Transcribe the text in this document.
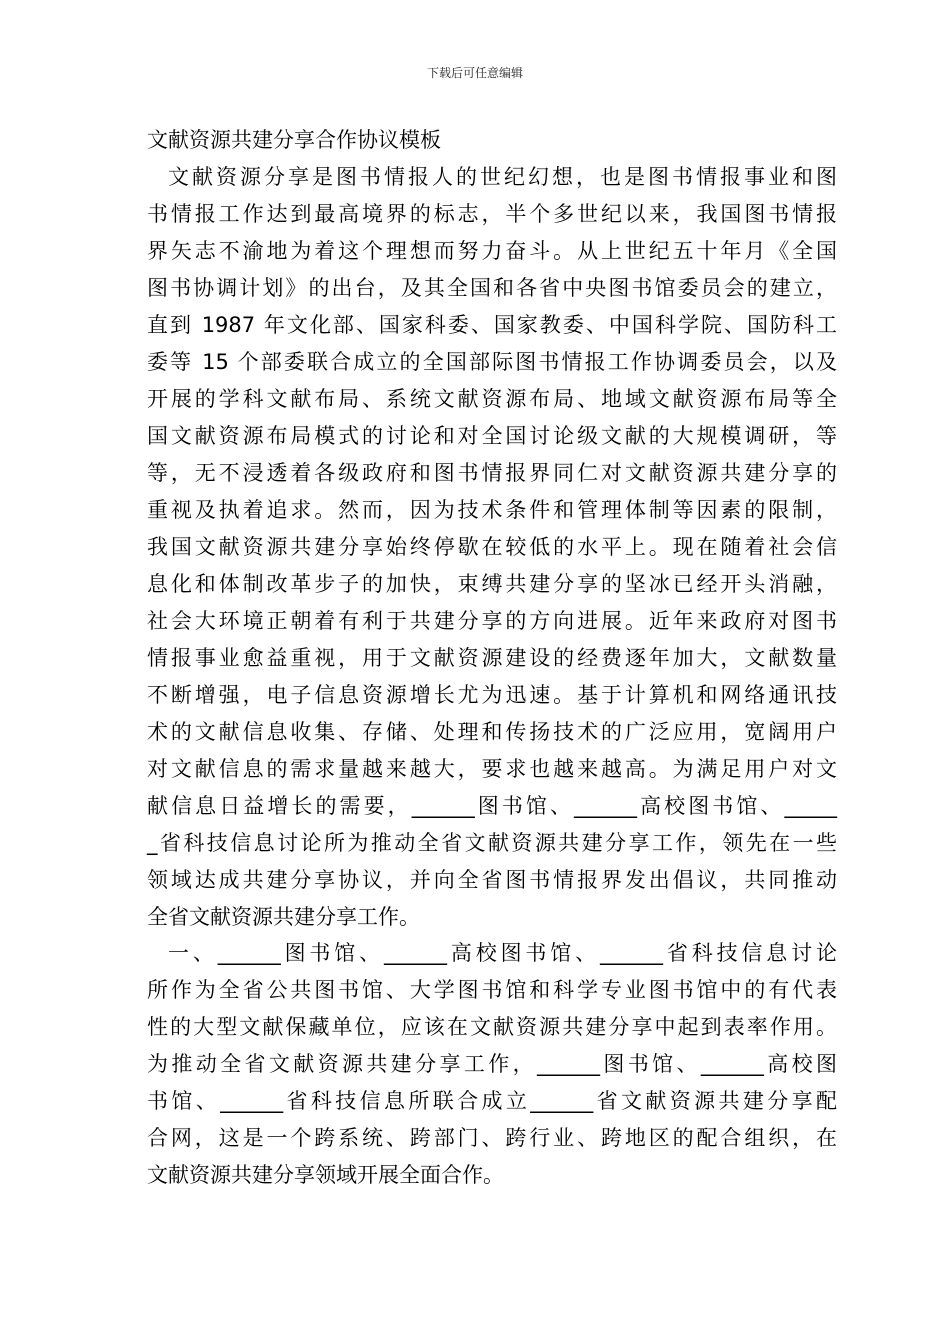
下载后可任意编辑
文献资源共建分享合作协议模板
文献资源分享是图书情报人的世纪幻想，也是图书情报事业和图
书情报工作达到最高境界的标志，半个多世纪以来，我国图书情报
界矢志不渝地为着这个理想而努力奋斗。从上世纪五十年月《全国
图书协调计划》的出台，及其全国和各省中央图书馆委员会的建立，
直到 1987 年文化部、国家科委、国家教委、中国科学院、国防科工
委等 15 个部委联合成立的全国部际图书情报工作协调委员会，以及
开展的学科文献布局、系统文献资源布局、地域文献资源布局等全
国文献资源布局模式的讨论和对全国讨论级文献的大规模调研，等
等，无不浸透着各级政府和图书情报界同仁对文献资源共建分享的
重视及执着追求。然而，因为技术条件和管理体制等因素的限制，
我国文献资源共建分享始终停歇在较低的水平上。现在随着社会信
息化和体制改革步子的加快，束缚共建分享的坚冰已经开头消融，
社会大环境正朝着有利于共建分享的方向进展。近年来政府对图书
情报事业愈益重视，用于文献资源建设的经费逐年加大，文献数量
不断增强，电子信息资源增长尤为迅速。基于计算机和网络通讯技
术的文献信息收集、存储、处理和传扬技术的广泛应用，宽阔用户
对文献信息的需求量越来越大，要求也越来越高。为满足用户对文
献信息日益增长的需要，______图书馆、______高校图书馆、_____
_省科技信息讨论所为推动全省文献资源共建分享工作，领先在一些
领域达成共建分享协议，并向全省图书情报界发出倡议，共同推动
全省文献资源共建分享工作。
一、______图书馆、______高校图书馆、______省科技信息讨论
所作为全省公共图书馆、大学图书馆和科学专业图书馆中的有代表
性的大型文献保藏单位，应该在文献资源共建分享中起到表率作用。
为推动全省文献资源共建分享工作，______图书馆、______高校图
书馆、______省科技信息所联合成立______省文献资源共建分享配
合网，这是一个跨系统、跨部门、跨行业、跨地区的配合组织，在
文献资源共建分享领域开展全面合作。
